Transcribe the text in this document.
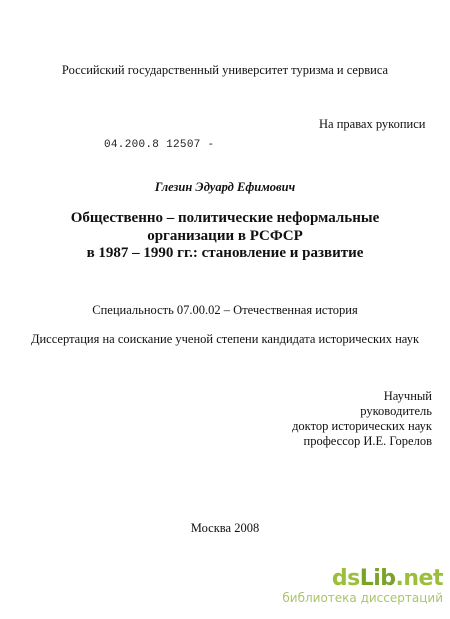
Российский государственный университет туризма и сервиса
На правах рукописи
04.200.8 12507 -
Глезин Эдуард Ефимович
Общественно – политические неформальные
организации в РСФСР
в 1987 – 1990 гг.: становление и развитие
Специальность 07.00.02 – Отечественная история
Диссертация на соискание ученой степени кандидата исторических наук
Научный
руководитель
доктор исторических наук
профессор И.Е. Горелов
Москва 2008
dsLib.net
библиотека диссертаций
